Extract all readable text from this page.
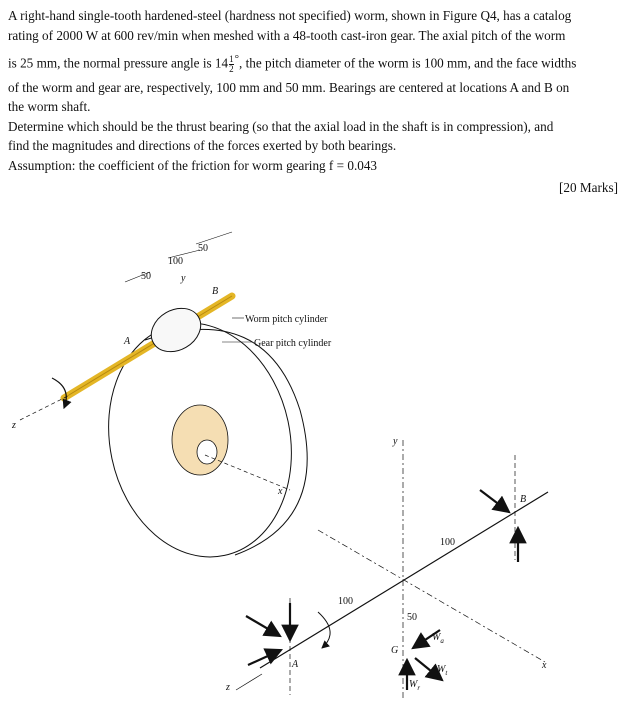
A right-hand single-tooth hardened-steel (hardness not specified) worm, shown in Figure Q4, has a catalog

rating of 2000 W at 600 rev/min when meshed with a 48-tooth cast-iron gear. The axial pitch of the worm

is 25 mm, the normal pressure angle is $14 \frac{1}{2} ^\circ$, the pitch diameter of the worm is 100 mm, and the face widths

of the worm and gear are, respectively, 100 mm and 50 mm. Bearings are centered at locations A and B on

the worm shaft.

Determine which should be the thrust bearing (so that the axial load in the shaft is in compression), and

find the magnitudes and directions of the forces exerted by both bearings.

Assumption: the coefficient of the friction for worm gearing f = 0.043

[20 Marks]
50
100
50
y
A
B
Worm pitch cylinder
Gear pitch cylinder
z
x
y
x
z
A
B
G
100
100
50
$W_a$
$W_t$
$W_r$
